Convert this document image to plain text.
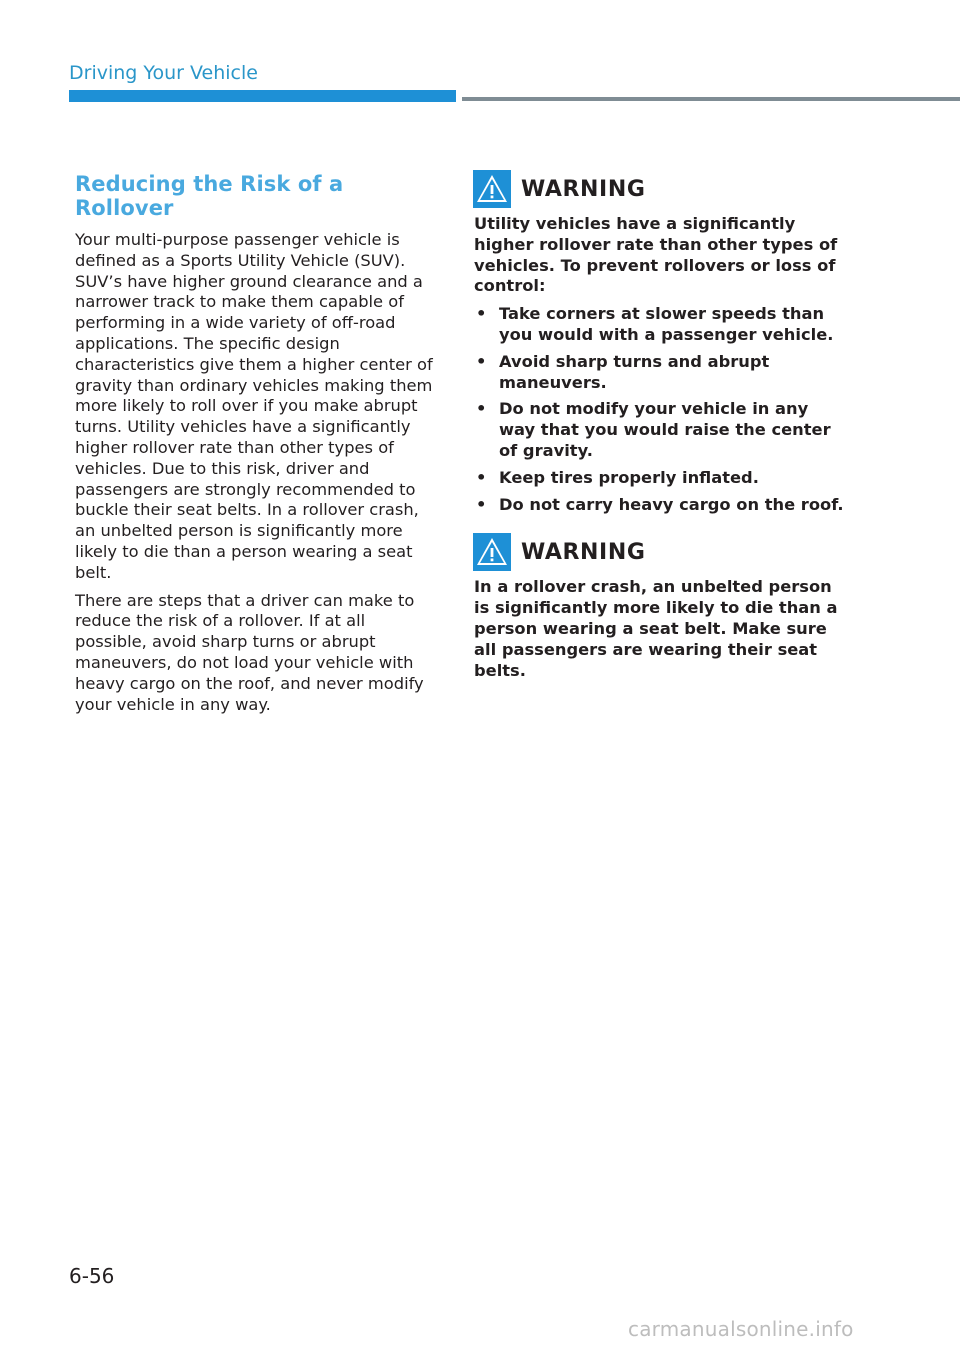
Driving Your Vehicle
Reducing the Risk of a Rollover

Your multi-purpose passenger vehicle is defined as a Sports Utility Vehicle (SUV). SUV’s have higher ground clearance and a narrower track to make them capable of performing in a wide variety of off-road applications. The specific design characteristics give them a higher center of gravity than ordinary vehicles making them more likely to roll over if you make abrupt turns. Utility vehicles have a significantly higher rollover rate than other types of vehicles. Due to this risk, driver and passengers are strongly recommended to buckle their seat belts. In a rollover crash, an unbelted person is significantly more likely to die than a person wearing a seat belt.

There are steps that a driver can make to reduce the risk of a rollover. If at all possible, avoid sharp turns or abrupt maneuvers, do not load your vehicle with heavy cargo on the roof, and never modify your vehicle in any way.

WARNING

Utility vehicles have a significantly higher rollover rate than other types of vehicles. To prevent rollovers or loss of control:

• Take corners at slower speeds than you would with a passenger vehicle.
• Avoid sharp turns and abrupt maneuvers.
• Do not modify your vehicle in any way that you would raise the center of gravity.
• Keep tires properly inflated.
• Do not carry heavy cargo on the roof.
WARNING

In a rollover crash, an unbelted person is significantly more likely to die than a person wearing a seat belt. Make sure all passengers are wearing their seat belts.

6-56
carmanualsonline.info
